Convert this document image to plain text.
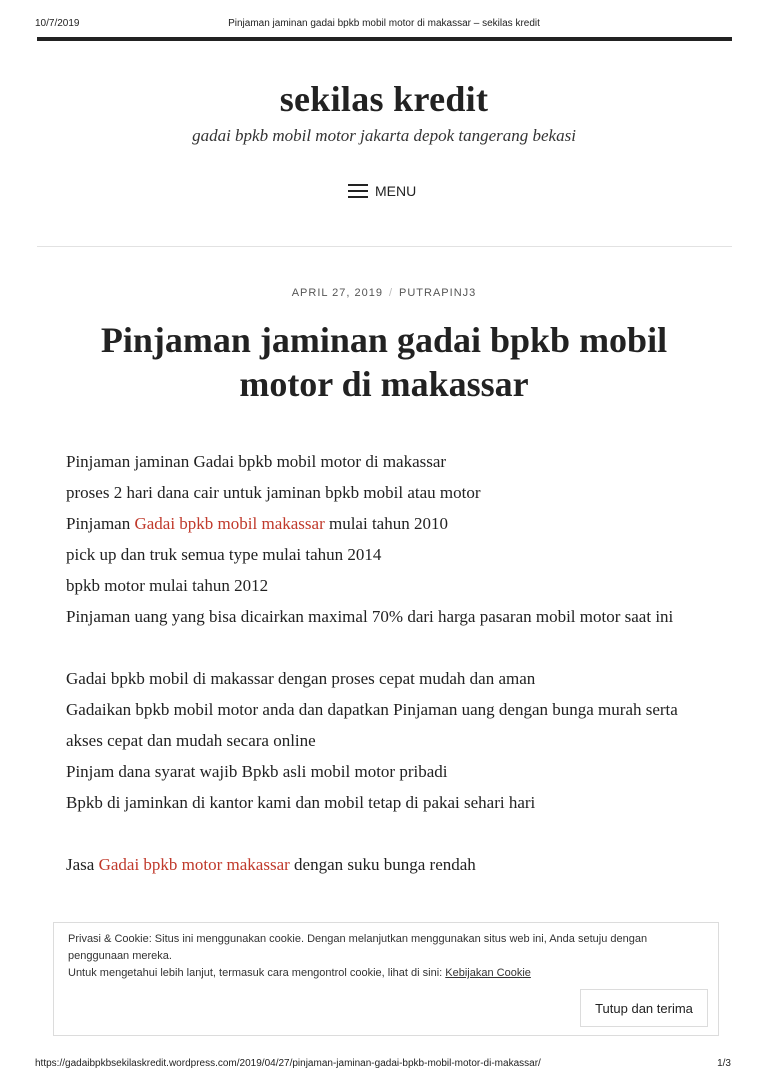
10/7/2019	Pinjaman jaminan gadai bpkb mobil motor di makassar – sekilas kredit
sekilas kredit
gadai bpkb mobil motor jakarta depok tangerang bekasi
MENU
APRIL 27, 2019 / PUTRAPINJ3
Pinjaman jaminan gadai bpkb mobil motor di makassar

Pinjaman jaminan Gadai bpkb mobil motor di makassar

proses 2 hari dana cair untuk jaminan bpkb mobil atau motor

Pinjaman Gadai bpkb mobil makassar mulai tahun 2010

pick up dan truk semua type mulai tahun 2014

bpkb motor mulai tahun 2012

Pinjaman uang yang bisa dicairkan maximal 70% dari harga pasaran mobil motor saat ini

Gadai bpkb mobil di makassar dengan proses cepat mudah dan aman

Gadaikan bpkb mobil motor anda dan dapatkan Pinjaman uang dengan bunga murah serta akses cepat dan mudah secara online

Pinjam dana syarat wajib Bpkb asli mobil motor pribadi

Bpkb di jaminkan di kantor kami dan mobil tetap di pakai sehari hari

Jasa Gadai bpkb motor makassar dengan suku bunga rendah

Privasi & Cookie: Situs ini menggunakan cookie. Dengan melanjutkan menggunakan situs web ini, Anda setuju dengan penggunaan mereka.
Untuk mengetahui lebih lanjut, termasuk cara mengontrol cookie, lihat di sini: Kebijakan Cookie
Tutup dan terima
https://gadaibpkbsekilaskredit.wordpress.com/2019/04/27/pinjaman-jaminan-gadai-bpkb-mobil-motor-di-makassar/	1/3
